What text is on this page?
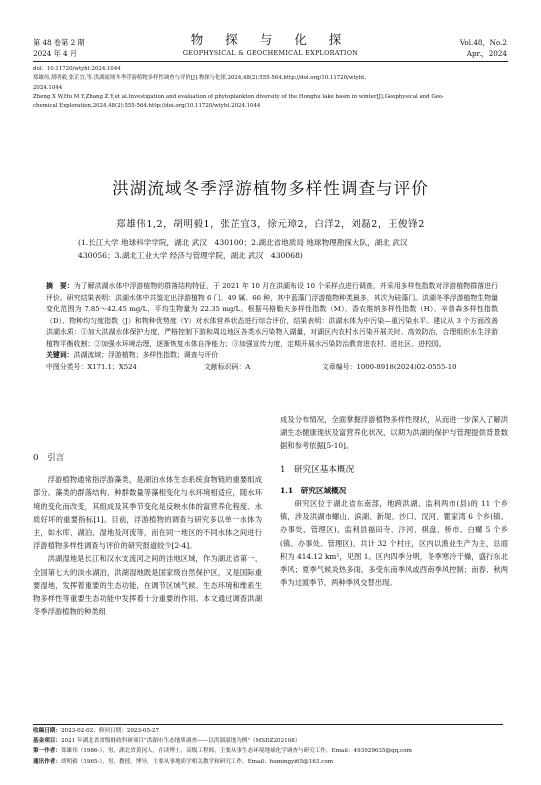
第 48 卷第 2 期
2024 年 4 月
物 探 与 化 探
GEOPHYSICAL & GEOCHEMICAL EXPLORATION
Vol.48，No.2
Apr.，2024
doi：10.11720/wtyht.2024.1044
郑雄伟,胡明毅,张芷宜,等.洪湖流域冬季浮游植物多样性调查与评价[J].物探与化探,2024,48(2):555-564.http://doi.org/10.11720/wtyht.
2024.1044
Zheng X W,Hu M Y,Zhang Z Y,et al.Investigation and evaluation of phytoplankton diversity of the Honghu lake basin in winter[J].Geophysical and Geo-
chemical Exploration,2024,48(2):555-564.http://doi.org/10.11720/wtyht.2024.1044
洪湖流域冬季浮游植物多样性调查与评价
郑雄伟1,2，胡明毅1，张芷宜3，徐元璋2，白洋2，刘磊2，王俊锋2
(1.长江大学 地球科学学院，湖北 武汉　430100；2.湖北省地质局 地球物理勘探大队，湖北 武汉
430056；3.湖北工业大学 经济与管理学院，湖北 武汉　430068)
摘　要：为了解洪湖水体中浮游植物的群落结构特征，于 2021 年 10 月在洪湖布设 10 个采样点进行调查，并采用多样性指数对浮游植物群落进行评价。研究结果表明：洪湖水体中共鉴定出浮游植物 6 门、49 属、66 种，其中蓝藻门浮游植物种类最多，其次为硅藻门。洪湖冬季浮游植物生物量变化范围为 7.85～42.45 mg/L，平均生物量为 22.35 mg/L。根据马格勒夫多样性指数（M）、香农维纳多样性指数（H）、辛普森多样性指数（D）、物种均匀度指数（J）和物种优势度（Y）对水体营养状态进行综合评价，结果表明：洪湖水体为中污染—重污染水平。建议从 3 个方面改善洪湖水质：①加大洪湖水体保护力度，严格控制下游和周边地区各类水污染物入湖量，对湖区内农村水污染开展关时、高效防治，合理组织水生浮游植物平衡收割；②加强水环境治理，逐渐恢复水体自净能力；③加强宣传力度，定期开展水污染防治教育进农村、进社区、进校园。
关键词：洪湖流域；浮游植物；多样性指数；调查与评价
中图分类号：X171.1；X524	文献标识码：A	文章编号：1000-8918(2024)02-0555-10

0　引言

浮游植物通常指浮游藻类，是湖泊水体生态系统食物链的重要组成部分。藻类的群落结构、种群数量等藻相变化与水环境相适应，随水环境的变化而改变，其组成及其季节变化是反映水体的富营养化程度、水质好坏的重要指标[1]。目前，浮游植物的调查与研究多以单一水体为主，如水库、湖泊、湿地及河流等，而在同一地区的不同水体之间进行浮游植物多样性调查与评价的研究报道较少[2-4]。

洪湖湿地是长江和汉水支流河之间的洼地区域，作为湖北省第一、全国第七大的淡水湖泊，洪湖湿地既是国家级自然保护区，又是国际重要湿地，发挥着重要的生态功能，在调节区域气候、生态环境和维系生物多样性等重要生态功能中发挥着十分重要的作用。本文通过调查洪湖冬季浮游植物的种类组

成及分布情况，全面掌握浮游植物多样性现状，从而进一步深入了解洪湖生态健康现状及富营养化状况，以期为洪湖的保护与管理提供背景数据和参考依据[5-10]。

1　研究区基本概况

1.1　研究区域概况

研究区位于湖北省东南部，地跨洪湖、监利两市(县)的 11 个乡镇，涉及洪湖市螺山、滨湖、新堤、沙口、汊河、瞿家湾 6 个乡(镇、办事处、管理区)，监利县福田寺、汴河、棋盘、桥市、白螺 5 个乡(镇、办事处、管理区)，共计 32 个村庄，区内以渔业生产为主，总面积为 414.12 km²，见图 1。区内四季分明，冬季寒冷干燥，盛行东北季风；夏季气候炎热多雨，多受东南季风或西南季风控制；而春、秋两季为过渡季节，两种季风交替出现。

收稿日期：2023-02-02；修回日期：2023-05-27
基金项目：2021 年湖北省省级财政科研项目"洪湖市生态地质调查——以洪湖湿地为例"（MSDZ202108）
第一作者：郑雄伟（1986-），男，湖北省黄冈人，在读博士，高级工程师，主要从事生态环境地球化学调查与研究工作。Email：493929635@qq.com
通讯作者：胡明毅（1965-），男，教授，博导，主要从事地质学相关教学和研究工作。Email：humingyi65@163.com
